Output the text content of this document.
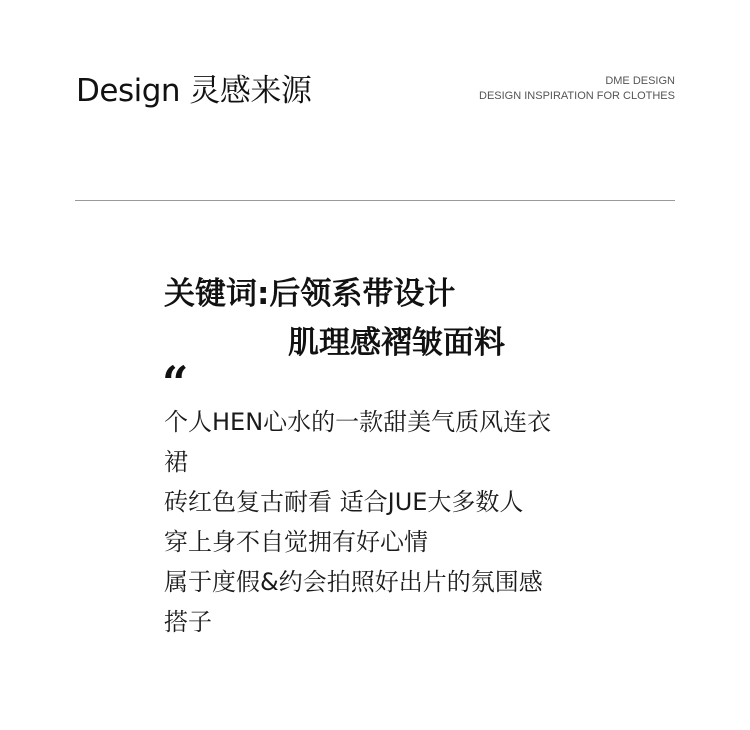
Design 灵感来源	DME DESIGN
DESIGN INSPIRATION FOR CLOTHES
关键词:后领系带设计
肌理感褶皱面料
“
个人HEN心水的一款甜美气质风连衣
裙
砖红色复古耐看 适合JUE大多数人
穿上身不自觉拥有好心情
属于度假&约会拍照好出片的氛围感
搭子
